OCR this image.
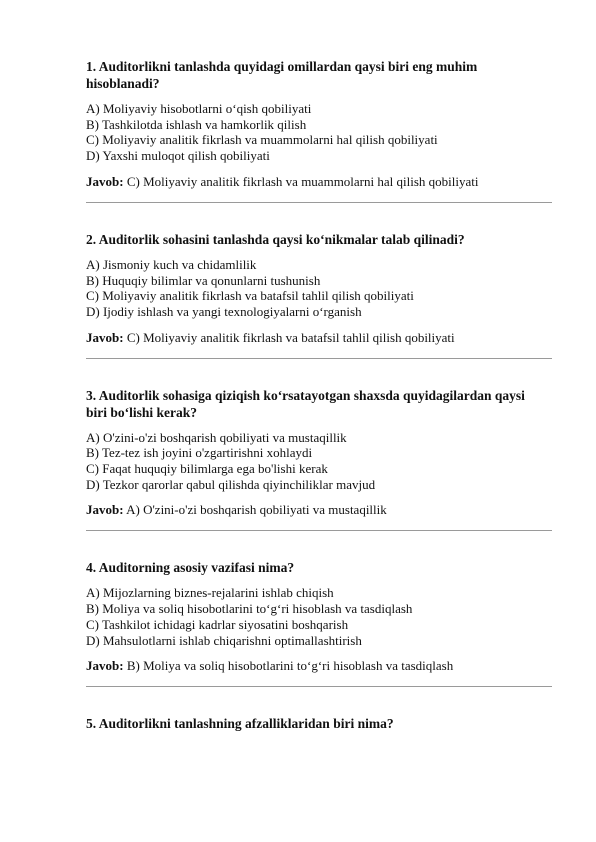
1. Auditorlikni tanlashda quyidagi omillardan qaysi biri eng muhim hisoblanadi?

A) Moliyaviy hisobotlarni o‘qish qobiliyati
B) Tashkilotda ishlash va hamkorlik qilish
C) Moliyaviy analitik fikrlash va muammolarni hal qilish qobiliyati
D) Yaxshi muloqot qilish qobiliyati

Javob: C) Moliyaviy analitik fikrlash va muammolarni hal qilish qobiliyati

2. Auditorlik sohasini tanlashda qaysi ko‘nikmalar talab qilinadi?

A) Jismoniy kuch va chidamlilik
B) Huquqiy bilimlar va qonunlarni tushunish
C) Moliyaviy analitik fikrlash va batafsil tahlil qilish qobiliyati
D) Ijodiy ishlash va yangi texnologiyalarni o‘rganish

Javob: C) Moliyaviy analitik fikrlash va batafsil tahlil qilish qobiliyati

3. Auditorlik sohasiga qiziqish ko‘rsatayotgan shaxsda quyidagilardan qaysi biri bo‘lishi kerak?

A) O'zini-o'zi boshqarish qobiliyati va mustaqillik
B) Tez-tez ish joyini o'zgartirishni xohlaydi
C) Faqat huquqiy bilimlarga ega bo'lishi kerak
D) Tezkor qarorlar qabul qilishda qiyinchiliklar mavjud

Javob: A) O'zini-o'zi boshqarish qobiliyati va mustaqillik

4. Auditorning asosiy vazifasi nima?

A) Mijozlarning biznes-rejalarini ishlab chiqish
B) Moliya va soliq hisobotlarini to‘g‘ri hisoblash va tasdiqlash
C) Tashkilot ichidagi kadrlar siyosatini boshqarish
D) Mahsulotlarni ishlab chiqarishni optimallashtirish

Javob: B) Moliya va soliq hisobotlarini to‘g‘ri hisoblash va tasdiqlash

5. Auditorlikni tanlashning afzalliklaridan biri nima?
